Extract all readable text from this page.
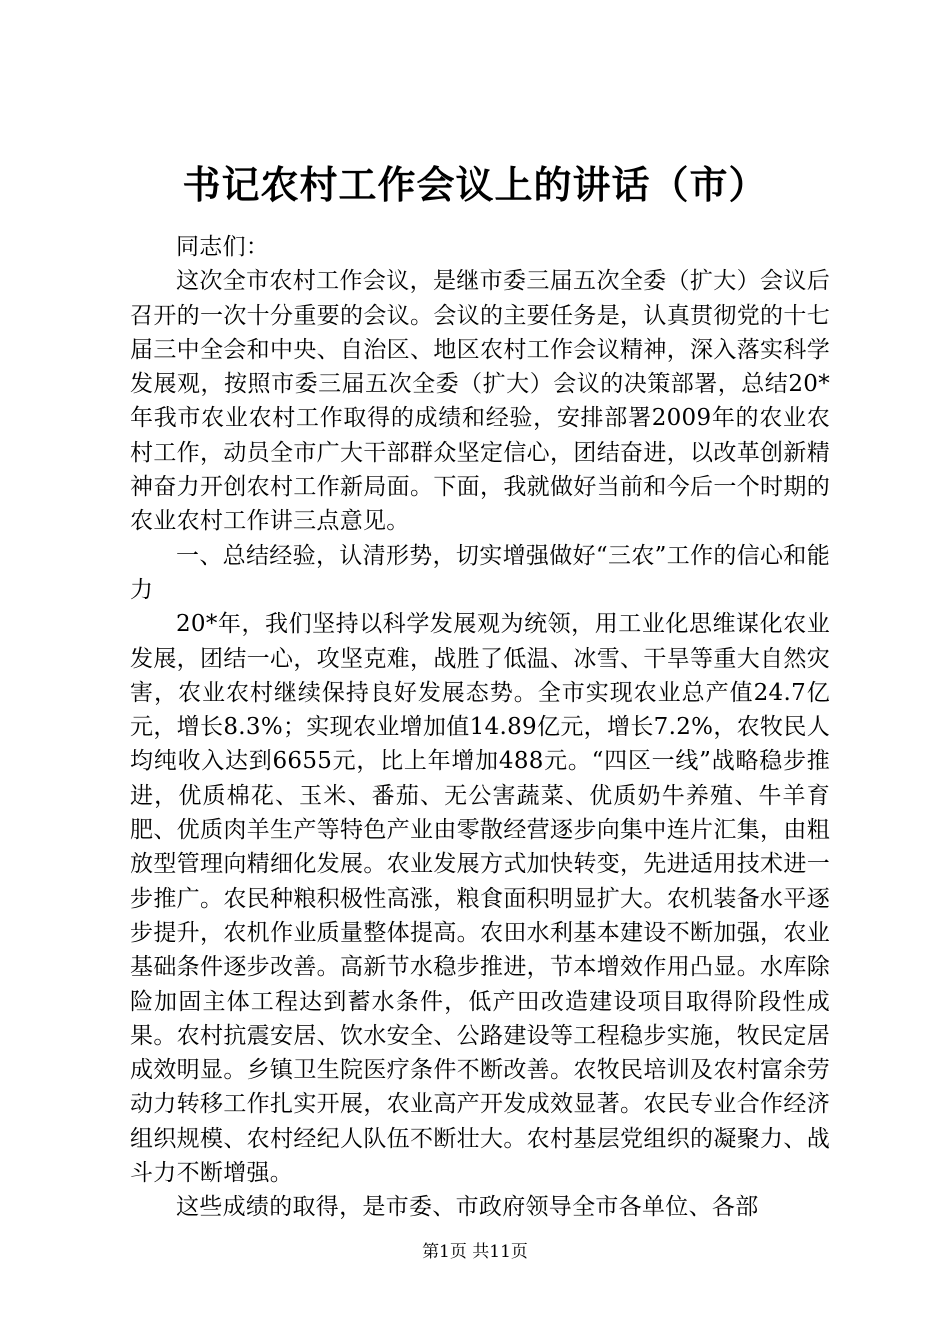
书记农村工作会议上的讲话（市）

同志们：

这次全市农村工作会议，是继市委三届五次全委（扩大）会议后召开的一次十分重要的会议。会议的主要任务是，认真贯彻党的十七届三中全会和中央、自治区、地区农村工作会议精神，深入落实科学发展观，按照市委三届五次全委（扩大）会议的决策部署，总结20*年我市农业农村工作取得的成绩和经验，安排部署2009年的农业农村工作，动员全市广大干部群众坚定信心，团结奋进，以改革创新精神奋力开创农村工作新局面。下面，我就做好当前和今后一个时期的农业农村工作讲三点意见。

一、总结经验，认清形势，切实增强做好“三农”工作的信心和能力

20*年，我们坚持以科学发展观为统领，用工业化思维谋化农业发展，团结一心，攻坚克难，战胜了低温、冰雪、干旱等重大自然灾害，农业农村继续保持良好发展态势。全市实现农业总产值24.7亿元，增长8.3%；实现农业增加值14.89亿元，增长7.2%，农牧民人均纯收入达到6655元，比上年增加488元。“四区一线”战略稳步推进，优质棉花、玉米、番茄、无公害蔬菜、优质奶牛养殖、牛羊育肥、优质肉羊生产等特色产业由零散经营逐步向集中连片汇集，由粗放型管理向精细化发展。农业发展方式加快转变，先进适用技术进一步推广。农民种粮积极性高涨，粮食面积明显扩大。农机装备水平逐步提升，农机作业质量整体提高。农田水利基本建设不断加强，农业基础条件逐步改善。高新节水稳步推进，节本增效作用凸显。水库除险加固主体工程达到蓄水条件，低产田改造建设项目取得阶段性成果。农村抗震安居、饮水安全、公路建设等工程稳步实施，牧民定居成效明显。乡镇卫生院医疗条件不断改善。农牧民培训及农村富余劳动力转移工作扎实开展，农业高产开发成效显著。农民专业合作经济组织规模、农村经纪人队伍不断壮大。农村基层党组织的凝聚力、战斗力不断增强。

这些成绩的取得，是市委、市政府领导全市各单位、各部

第1页 共11页
